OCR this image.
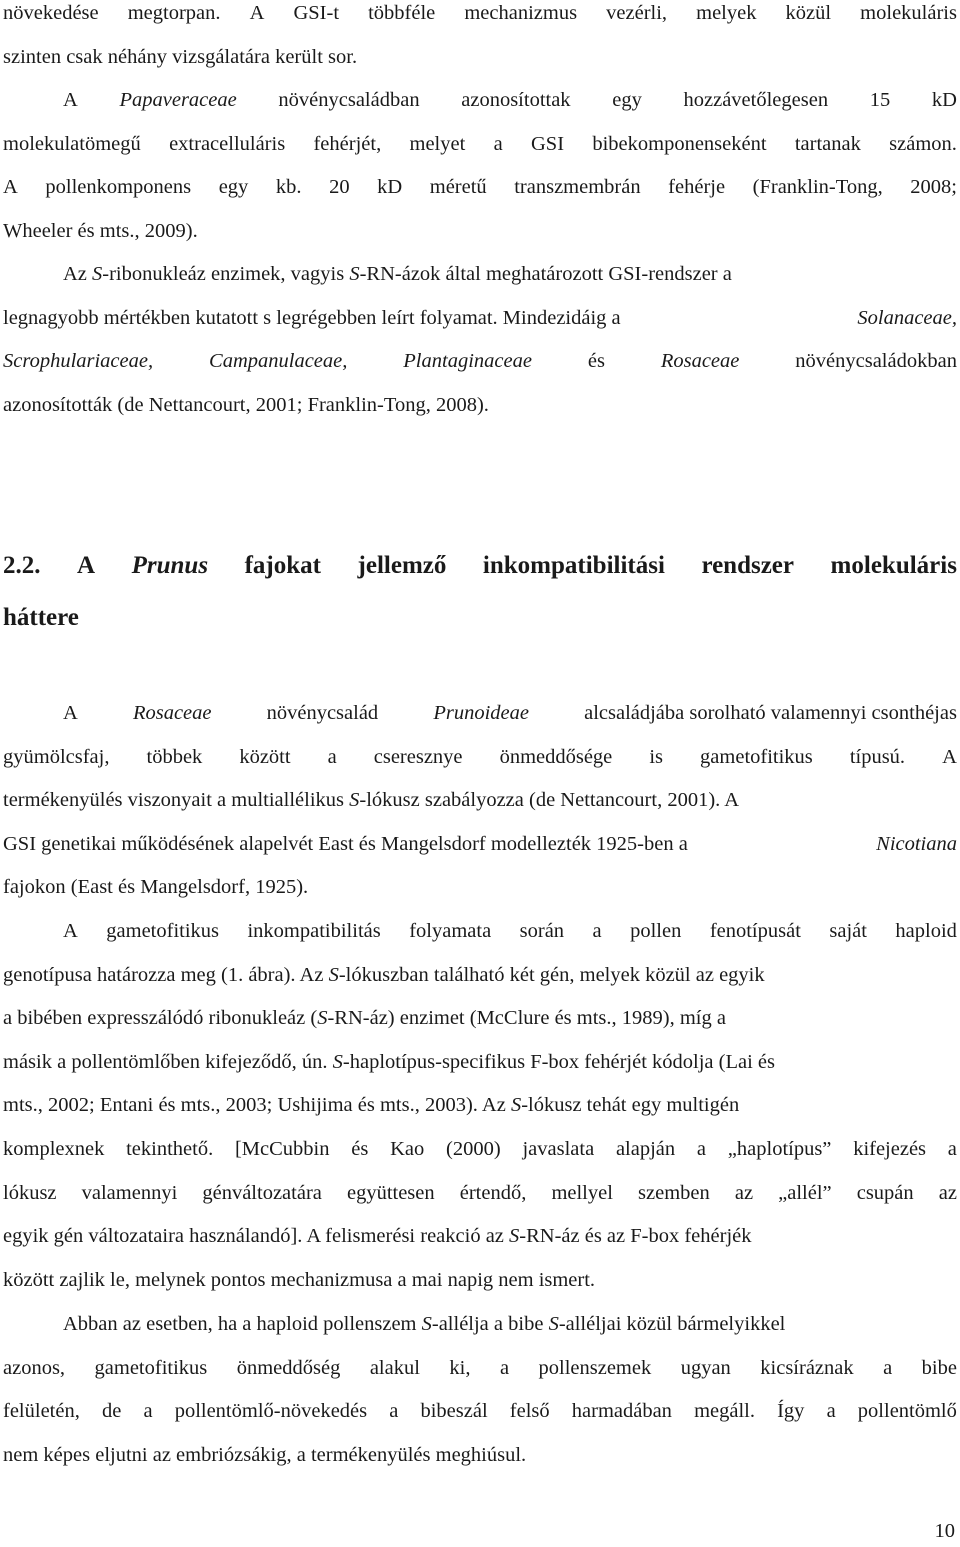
növekedése megtorpan. A GSI-t többféle mechanizmus vezérli, melyek közül molekuláris
szinten csak néhány vizsgálatára került sor.
A Papaveraceae növénycsaládban azonosítottak egy hozzávetőlegesen 15 kD
molekulatömegű extracelluláris fehérjét, melyet a GSI bibekomponenseként tartanak számon.
A pollenkomponens egy kb. 20 kD méretű transzmembrán fehérje (Franklin-Tong, 2008;
Wheeler és mts., 2009).
Az S-ribonukleáz enzimek, vagyis S-RN-ázok által meghatározott GSI-rendszer a
legnagyobb mértékben kutatott s legrégebben leírt folyamat. Mindezidáig a	Solanaceae,
Scrophulariaceae,	Campanulaceae,	Plantaginaceae	és	Rosaceae	növénycsaládokban
azonosították (de Nettancourt, 2001; Franklin-Tong, 2008).
2.2. A Prunus fajokat jellemző inkompatibilitási rendszer molekuláris
háttere
A	Rosaceae	növénycsalád	Prunoideae	alcsaládjába sorolható valamennyi csonthéjas
gyümölcsfaj, többek között a cseresznye önmeddősége is gametofitikus típusú. A
termékenyülés viszonyait a multiallélikus S-lókusz szabályozza (de Nettancourt, 2001). A
GSI genetikai működésének alapelvét East és Mangelsdorf modellezték 1925-ben a	Nicotiana
fajokon (East és Mangelsdorf, 1925).
A gametofitikus inkompatibilitás folyamata során a pollen fenotípusát saját haploid
genotípusa határozza meg (1. ábra). Az S-lókuszban található két gén, melyek közül az egyik
a bibében expresszálódó ribonukleáz (S-RN-áz) enzimet (McClure és mts., 1989), míg a
másik a pollentömlőben kifejeződő, ún. S-haplotípus-specifikus F-box fehérjét kódolja (Lai és
mts., 2002; Entani és mts., 2003; Ushijima és mts., 2003). Az S-lókusz tehát egy multigén
komplexnek tekinthető. [McCubbin és Kao (2000) javaslata alapján a „haplotípus” kifejezés a
lókusz valamennyi génváltozatára együttesen értendő, mellyel szemben az „allél” csupán az
egyik gén változataira használandó]. A felismerési reakció az S-RN-áz és az F-box fehérjék
között zajlik le, melynek pontos mechanizmusa a mai napig nem ismert.
Abban az esetben, ha a haploid pollenszem S-allélja a bibe S-alléljai közül bármelyikkel
azonos, gametofitikus önmeddőség alakul ki, a pollenszemek ugyan kicsíráznak a bibe
felületén, de a pollentömlő-növekedés a bibeszál felső harmadában megáll. Így a pollentömlő
nem képes eljutni az embriózsákig, a termékenyülés meghiúsul.
10
